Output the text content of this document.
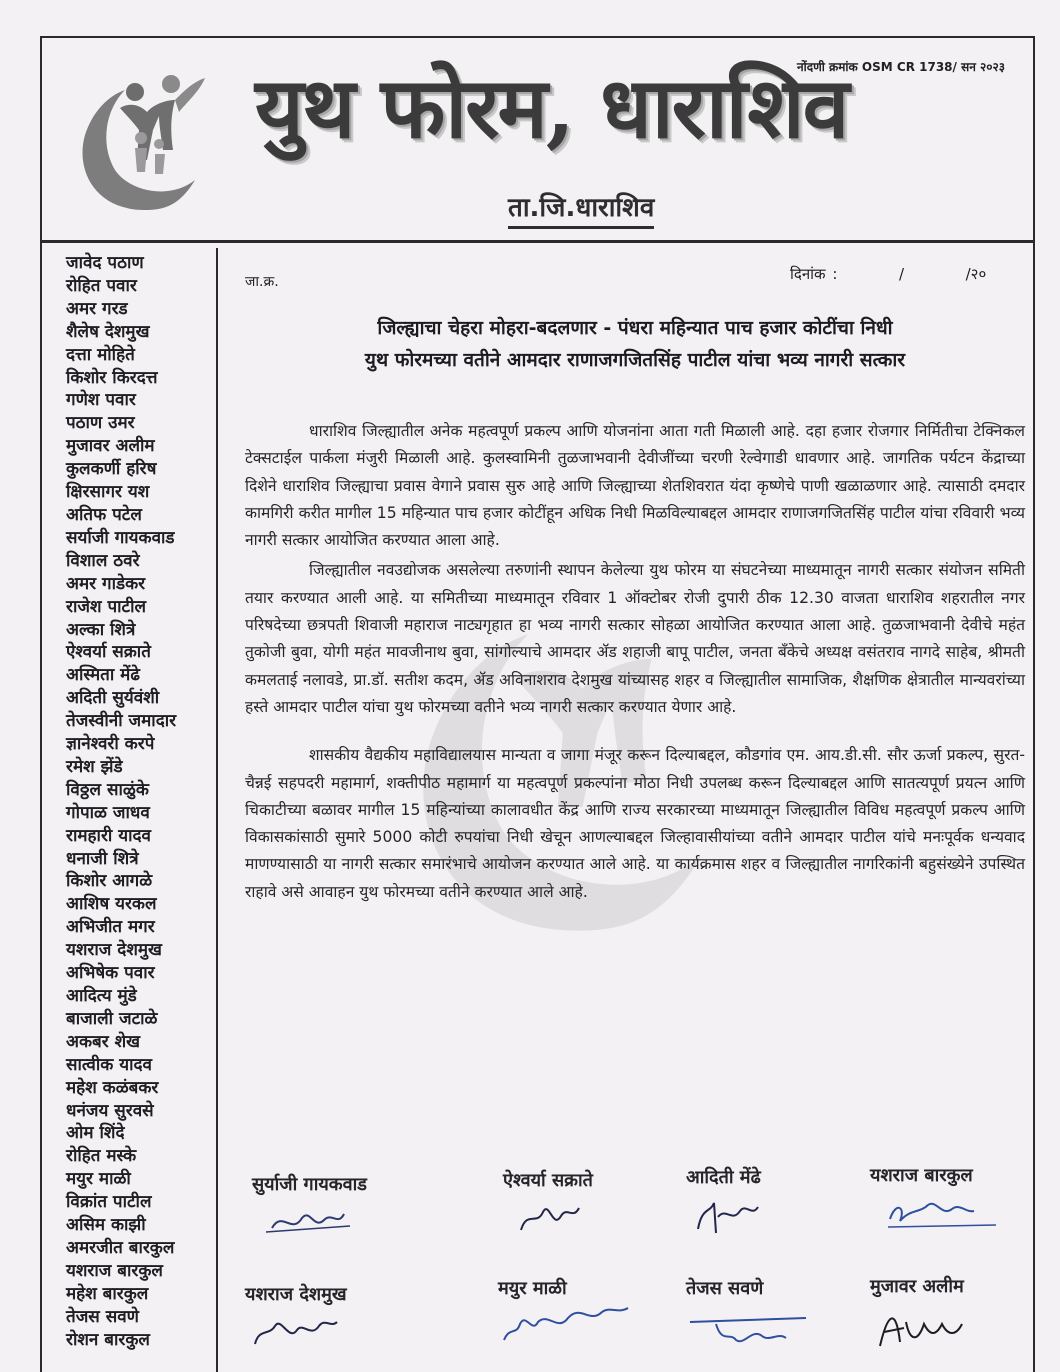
नोंदणी क्रमांक OSM CR 1738/ सन २०२३
युथ फोरम, धाराशिव
ता.जि.धाराशिव
जावेद पठाण
रोहित पवार
अमर गरड
शैलेष देशमुख
दत्ता मोहिते
किशोर किरदत्त
गणेश पवार
पठाण उमर
मुजावर अलीम
कुलकर्णी हरिष
क्षिरसागर यश
अतिफ पटेल
सर्याजी गायकवाड
विशाल ठवरे
अमर गाडेकर
राजेश पाटील
अल्का शित्रे
ऐश्वर्या सक्राते
अस्मिता मेंढे
अदिती सुर्यवंशी
तेजस्वीनी जमादार
ज्ञानेश्वरी करपे
रमेश झेंडे
विठ्ठल साळुंके
गोपाळ जाधव
रामहारी यादव
धनाजी शित्रे
किशोर आगळे
आशिष यरकल
अभिजीत मगर
यशराज देशमुख
अभिषेक पवार
आदित्य मुंडे
बाजाली जटाळे
अकबर शेख
सात्वीक यादव
महेश कळंबकर
धनंजय सुरवसे
ओम शिंदे
रोहित मस्के
मयुर माळी
विक्रांत पाटील
असिम काझी
अमरजीत बारकुल
यशराज बारकुल
महेश बारकुल
तेजस सवणे
रोशन बारकुल
जा.क्र.	दिनांक :	/	/२०
जिल्ह्याचा चेहरा मोहरा-बदलणार - पंधरा महिन्यात पाच हजार कोटींचा निधी
युथ फोरमच्या वतीने आमदार राणाजगजितसिंह पाटील यांचा भव्य नागरी सत्कार

धाराशिव जिल्ह्यातील अनेक महत्वपूर्ण प्रकल्प आणि योजनांना आता गती मिळाली आहे. दहा हजार रोजगार निर्मितीचा टेक्निकल टेक्सटाईल पार्कला मंजुरी मिळाली आहे. कुलस्वामिनी तुळजाभवानी देवीजींच्या चरणी रेल्वेगाडी धावणार आहे. जागतिक पर्यटन केंद्राच्या दिशेने धाराशिव जिल्ह्याचा प्रवास वेगाने प्रवास सुरु आहे आणि जिल्ह्याच्या शेतशिवरात यंदा कृष्णेचे पाणी खळाळणार आहे. त्यासाठी दमदार कामगिरी करीत मागील 15 महिन्यात पाच हजार कोटींहून अधिक निधी मिळविल्याबद्दल आमदार राणाजगजितसिंह पाटील यांचा रविवारी भव्य नागरी सत्कार आयोजित करण्यात आला आहे.

जिल्ह्यातील नवउद्योजक असलेल्या तरुणांनी स्थापन केलेल्या युथ फोरम या संघटनेच्या माध्यमातून नागरी सत्कार संयोजन समिती तयार करण्यात आली आहे. या समितीच्या माध्यमातून रविवार 1 ऑक्टोबर रोजी दुपारी ठीक 12.30 वाजता धाराशिव शहरातील नगर परिषदेच्या छत्रपती शिवाजी महाराज नाट्यगृहात हा भव्य नागरी सत्कार सोहळा आयोजित करण्यात आला आहे. तुळजाभवानी देवीचे महंत तुकोजी बुवा, योगी महंत मावजीनाथ बुवा, सांगोल्याचे आमदार ॲड शहाजी बापू पाटील, जनता बँकेचे अध्यक्ष वसंतराव नागदे साहेब, श्रीमती कमलताई नलावडे, प्रा.डॉ. सतीश कदम, ॲड अविनाशराव देशमुख यांच्यासह शहर व जिल्ह्यातील सामाजिक, शैक्षणिक क्षेत्रातील मान्यवरांच्या हस्ते आमदार पाटील यांचा युथ फोरमच्या वतीने भव्य नागरी सत्कार करण्यात येणार आहे.

शासकीय वैद्यकीय महाविद्यालयास मान्यता व जागा मंजूर करून दिल्याबद्दल, कौडगांव एम. आय.डी.सी. सौर ऊर्जा प्रकल्प, सुरत-चैन्नई सहपदरी महामार्ग, शक्तीपीठ महामार्ग या महत्वपूर्ण प्रकल्पांना मोठा निधी उपलब्ध करून दिल्याबद्दल आणि सातत्यपूर्ण प्रयत्न आणि चिकाटीच्या बळावर मागील 15 महिन्यांच्या कालावधीत केंद्र आणि राज्य सरकारच्या माध्यमातून जिल्ह्यातील विविध महत्वपूर्ण प्रकल्प आणि विकासकांसाठी सुमारे 5000 कोटी रुपयांचा निधी खेचून आणल्याबद्दल जिल्हावासीयांच्या वतीने आमदार पाटील यांचे मनःपूर्वक धन्यवाद माणण्यासाठी या नागरी सत्कार समारंभाचे आयोजन करण्यात आले आहे. या कार्यक्रमास शहर व जिल्ह्यातील नागरिकांनी बहुसंख्येने उपस्थित राहावे असे आवाहन युथ फोरमच्या वतीने करण्यात आले आहे.

सुर्याजी गायकवाड	ऐश्वर्या सक्राते	आदिती मेंढे	यशराज बारकुल
यशराज देशमुख	मयुर माळी	तेजस सवणे	मुजावर अलीम
